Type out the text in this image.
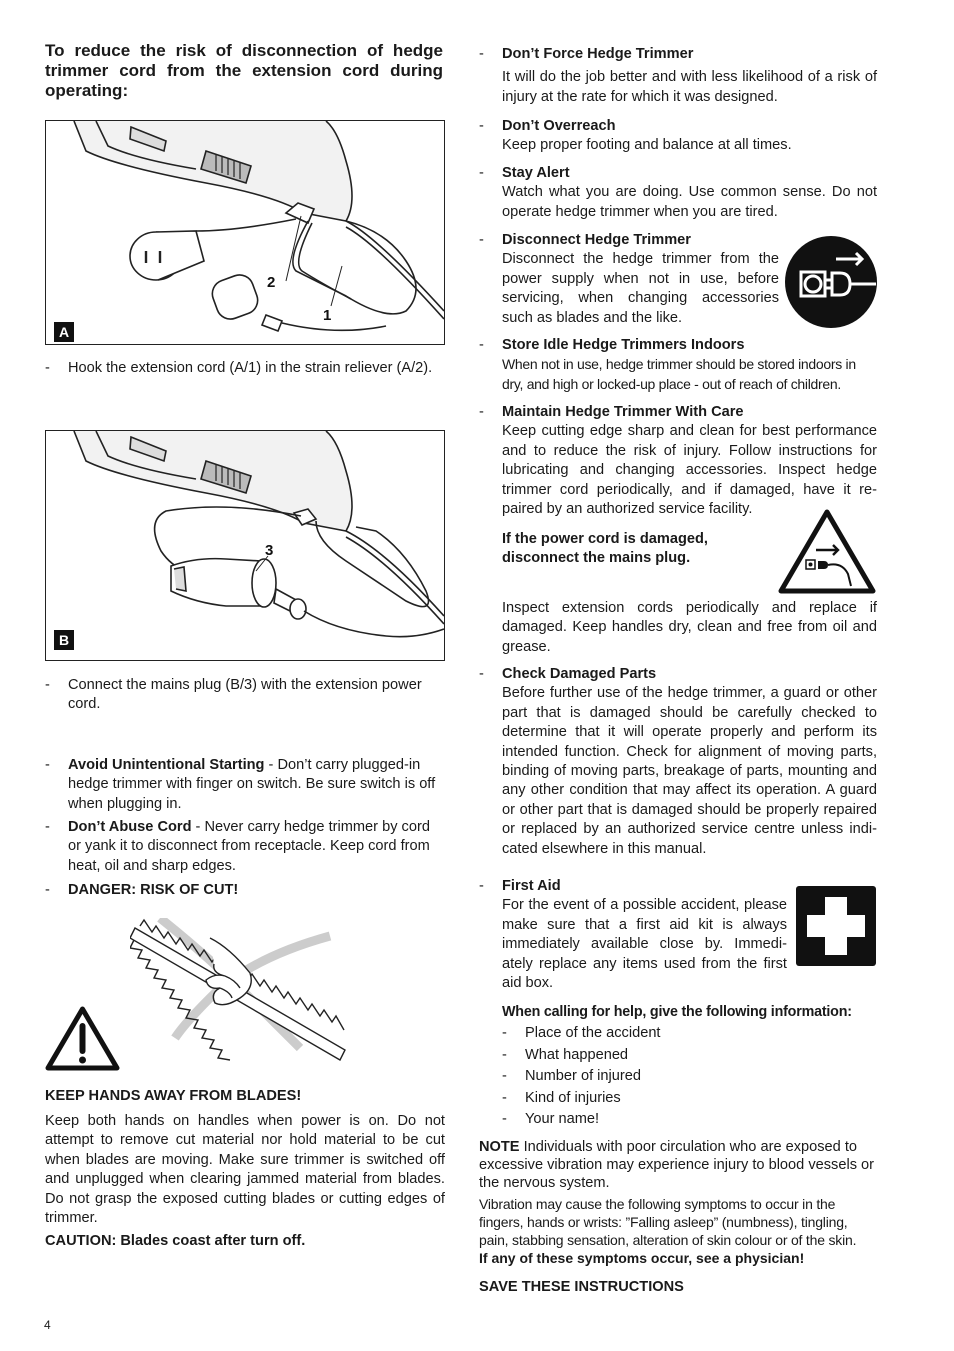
To reduce the risk of disconnection of hedge trimmer cord from the extension cord during operating:
2
1
A
- Hook the extension cord (A/1) in the strain reliever (A/2).
3
B
- Connect the mains plug (B/3) with the extension power cord.
- Avoid Unintentional Starting - Don’t carry plugged-in hedge trimmer with finger on switch. Be sure switch is off when plugging in.
- Don’t Abuse Cord - Never carry hedge trimmer by cord or yank it to disconnect from receptacle. Keep cord from heat, oil and sharp edges.
- DANGER: RISK OF CUT!
KEEP HANDS AWAY FROM BLADES!
Keep both hands on handles when power is on. Do not attempt to remove cut material nor hold material to be cut when blades are moving. Make sure trimmer is switched off and unplugged when clearing jammed material from blades. Do not grasp the exposed cutting blades or cutting edges of trimmer.
CAUTION: Blades coast after turn off.
- Don’t Force Hedge Trimmer
It will do the job better and with less likelihood of a risk of injury at the rate for which it was designed.
- Don’t Overreach
Keep proper footing and balance at all times.
- Stay Alert
Watch what you are doing. Use common sense. Do not operate hedge trimmer when you are tired.
- Disconnect Hedge Trimmer
Disconnect the hedge trimmer from the power supply when not in use, before servicing, when changing accessories such as blades and the like.
- Store Idle Hedge Trimmers Indoors
When not in use, hedge trimmer should be stored indoors in dry, and high or locked-up place - out of reach of children.
- Maintain Hedge Trimmer With Care
Keep cutting edge sharp and clean for best performance and to reduce the risk of injury. Follow instructions for lubricating and changing accessories. Inspect hedge trimmer cord periodically, and if damaged, have it re-paired by an authorized service facility.
If the power cord is damaged, disconnect the mains plug.
Inspect extension cords periodically and replace if damaged. Keep handles dry, clean and free from oil and grease.
- Check Damaged Parts
Before further use of the hedge trimmer, a guard or other part that is damaged should be carefully checked to determine that it will operate properly and perform its intended function. Check for alignment of moving parts, binding of moving parts, breakage of parts, mounting and any other condition that may affect its operation. A guard or other part that is damaged should be properly repaired or replaced by an authorized service centre unless indi-cated elsewhere in this manual.
- First Aid
For the event of a possible accident, please make sure that a first aid kit is always immediately available close by. Immedi-ately replace any items used from the first aid box.
When calling for help, give the following information:
- Place of the accident
- What happened
- Number of injured
- Kind of injuries
- Your name!
NOTE Individuals with poor circulation who are exposed to excessive vibration may experience injury to blood vessels or the nervous system.
Vibration may cause the following symptoms to occur in the fingers, hands or wrists: ”Falling asleep” (numbness), tingling, pain, stabbing sensation, alteration of skin colour or of the skin.
If any of these symptoms occur, see a physician!
SAVE THESE INSTRUCTIONS
4
